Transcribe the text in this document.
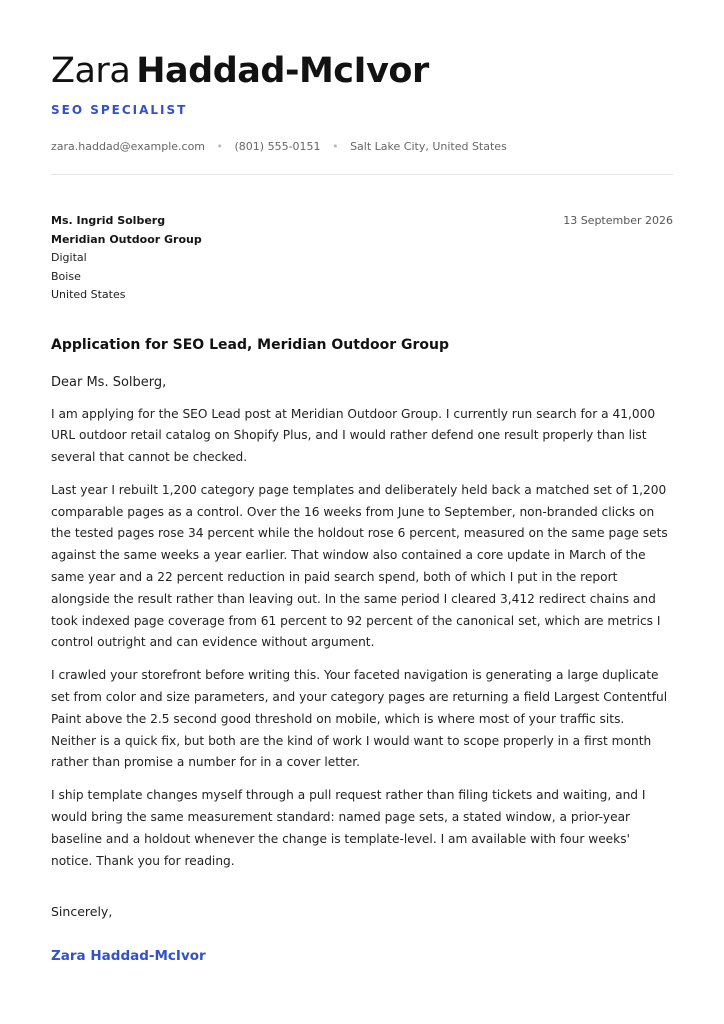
Zara Haddad-McIvor
SEO SPECIALIST
zara.haddad@example.com • (801) 555-0151 • Salt Lake City, United States
Ms. Ingrid Solberg
Meridian Outdoor Group
Digital
Boise
United States
13 September 2026
Application for SEO Lead, Meridian Outdoor Group
Dear Ms. Solberg,

I am applying for the SEO Lead post at Meridian Outdoor Group. I currently run search for a 41,000 URL outdoor retail catalog on Shopify Plus, and I would rather defend one result properly than list several that cannot be checked.

Last year I rebuilt 1,200 category page templates and deliberately held back a matched set of 1,200 comparable pages as a control. Over the 16 weeks from June to September, non-branded clicks on the tested pages rose 34 percent while the holdout rose 6 percent, measured on the same page sets against the same weeks a year earlier. That window also contained a core update in March of the same year and a 22 percent reduction in paid search spend, both of which I put in the report alongside the result rather than leaving out. In the same period I cleared 3,412 redirect chains and took indexed page coverage from 61 percent to 92 percent of the canonical set, which are metrics I control outright and can evidence without argument.

I crawled your storefront before writing this. Your faceted navigation is generating a large duplicate set from color and size parameters, and your category pages are returning a field Largest Contentful Paint above the 2.5 second good threshold on mobile, which is where most of your traffic sits. Neither is a quick fix, but both are the kind of work I would want to scope properly in a first month rather than promise a number for in a cover letter.

I ship template changes myself through a pull request rather than filing tickets and waiting, and I would bring the same measurement standard: named page sets, a stated window, a prior-year baseline and a holdout whenever the change is template-level. I am available with four weeks' notice. Thank you for reading.

Sincerely,
Zara Haddad-McIvor
